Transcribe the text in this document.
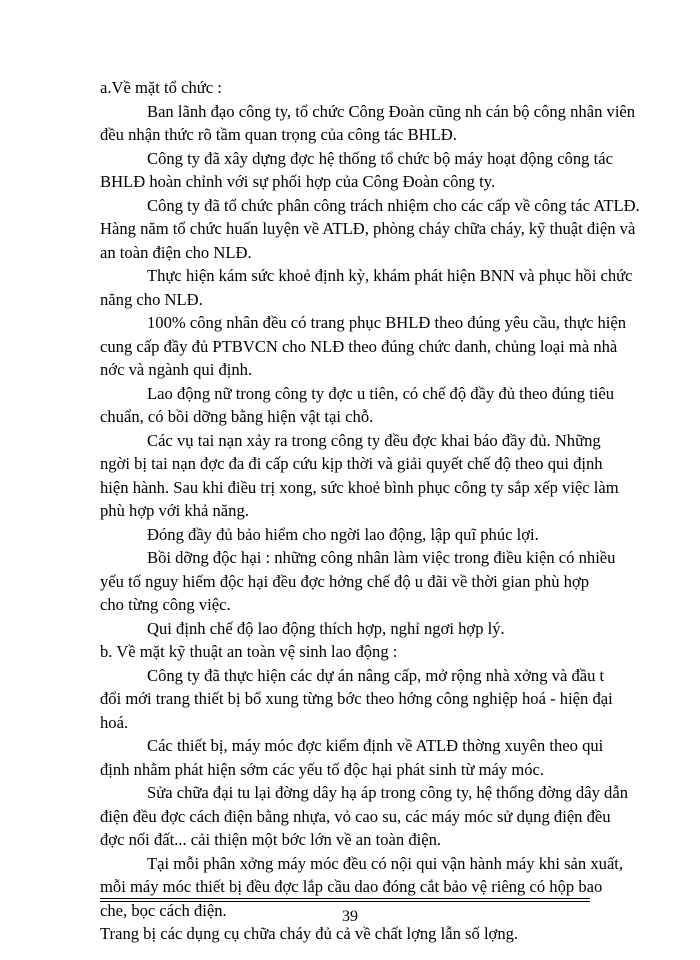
a.Về mặt tổ chức :
Ban lãnh đạo công ty, tổ chức Công Đoàn cũng nh cán bộ công nhân viên
đều nhận thức rõ tầm quan trọng của công tác BHLĐ.
Công ty đã xây dựng đợc hệ thống tổ chức bộ máy hoạt động công tác
BHLĐ hoàn chỉnh với sự phối hợp của Công Đoàn công ty.
Công ty đã tổ chức phân công trách nhiệm cho các cấp về công tác ATLĐ.
Hàng năm tổ chức huấn luyện về ATLĐ, phòng cháy chữa cháy, kỹ thuật điện và
an toàn điện cho NLĐ.
Thực hiện kám sức khoẻ định kỳ, khám phát hiện BNN và phục hồi chức
năng cho NLĐ.
100% công nhân đều có trang phục BHLĐ theo đúng yêu cầu, thực hiện
cung cấp đầy đủ PTBVCN cho NLĐ theo đúng chức danh, chủng loại mà nhà
nớc và ngành qui định.
Lao động nữ trong công ty đợc u tiên, có chế độ đầy đủ theo đúng tiêu
chuẩn, có bồi dỡng bằng hiện vật tại chỗ.
Các vụ tai nạn xảy ra trong công ty đều đợc khai báo đầy đủ. Những
ngời bị tai nạn đợc đa đi cấp cứu kịp thời và giải quyết chế độ theo qui định
hiện hành. Sau khi điều trị xong, sức khoẻ bình phục công ty sắp xếp việc làm
phù hợp với khả năng.
Đóng đầy đủ bảo hiểm cho ngời lao động, lập quĩ phúc lợi.
Bồi dỡng độc hại : những công nhân làm việc trong điều kiện có nhiều
yếu tố nguy hiểm độc hại đều đợc hởng chế độ u đãi về thời gian phù hợp
cho từng công việc.
Qui định chế độ lao động thích hợp, nghỉ ngơi hợp lý.
b. Về mặt kỹ thuật an toàn vệ sinh lao động :
Công ty đã thực hiện các dự án nâng cấp, mở rộng nhà xởng và đầu t
đổi mới trang thiết bị bổ xung từng bớc theo hớng công nghiệp hoá - hiện đại
hoá.
Các thiết bị, máy móc đợc kiểm định về ATLĐ thờng xuyên theo qui
định nhằm phát hiện sớm các yếu tố độc hại phát sinh từ máy móc.
Sửa chữa đại tu lại đờng dây hạ áp trong công ty, hệ thống đờng dây dẫn
điện đều đợc cách điện bằng nhựa, vỏ cao su, các máy móc sử dụng điện đều
đợc nối đất... cải thiện một bớc lớn về an toàn điện.
Tại mỗi phân xởng máy móc đều có nội qui vận hành máy khi sản xuất,
mỗi máy móc thiết bị đều đợc lắp cầu dao đóng cắt bảo vệ riêng có hộp bao
che, bọc cách điện.
Trang bị các dụng cụ chữa cháy đủ cả về chất lợng lẫn số lợng.
39
